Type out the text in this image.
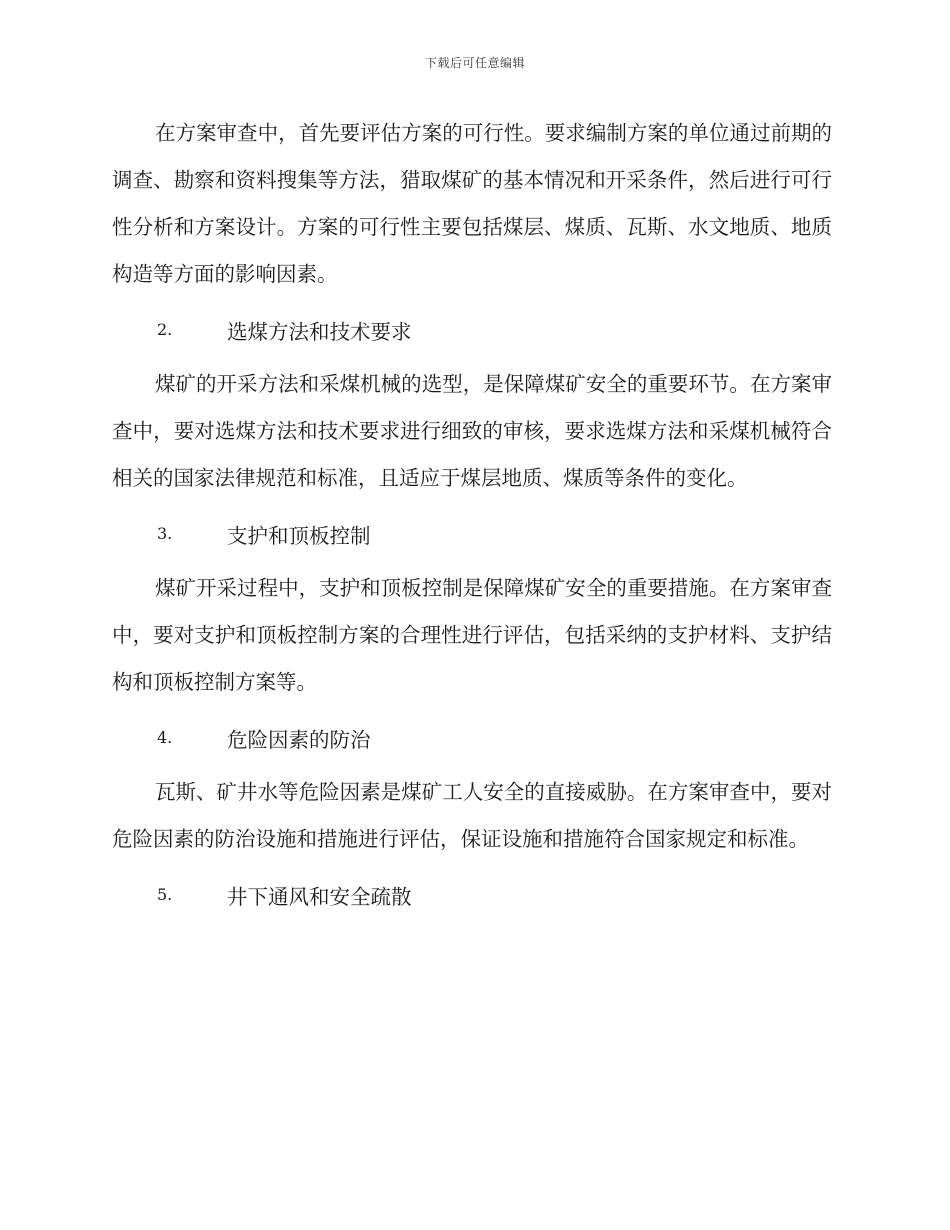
下载后可任意编辑

在方案审查中，首先要评估方案的可行性。要求编制方案的单位通过前期的调查、勘察和资料搜集等方法，猎取煤矿的基本情况和开采条件，然后进行可行性分析和方案设计。方案的可行性主要包括煤层、煤质、瓦斯、水文地质、地质构造等方面的影响因素。

2.	选煤方法和技术要求

煤矿的开采方法和采煤机械的选型，是保障煤矿安全的重要环节。在方案审查中，要对选煤方法和技术要求进行细致的审核，要求选煤方法和采煤机械符合相关的国家法律规范和标准，且适应于煤层地质、煤质等条件的变化。

3.	支护和顶板控制

煤矿开采过程中，支护和顶板控制是保障煤矿安全的重要措施。在方案审查中，要对支护和顶板控制方案的合理性进行评估，包括采纳的支护材料、支护结构和顶板控制方案等。

4.	危险因素的防治

瓦斯、矿井水等危险因素是煤矿工人安全的直接威胁。在方案审查中，要对危险因素的防治设施和措施进行评估，保证设施和措施符合国家规定和标准。

5.	井下通风和安全疏散
